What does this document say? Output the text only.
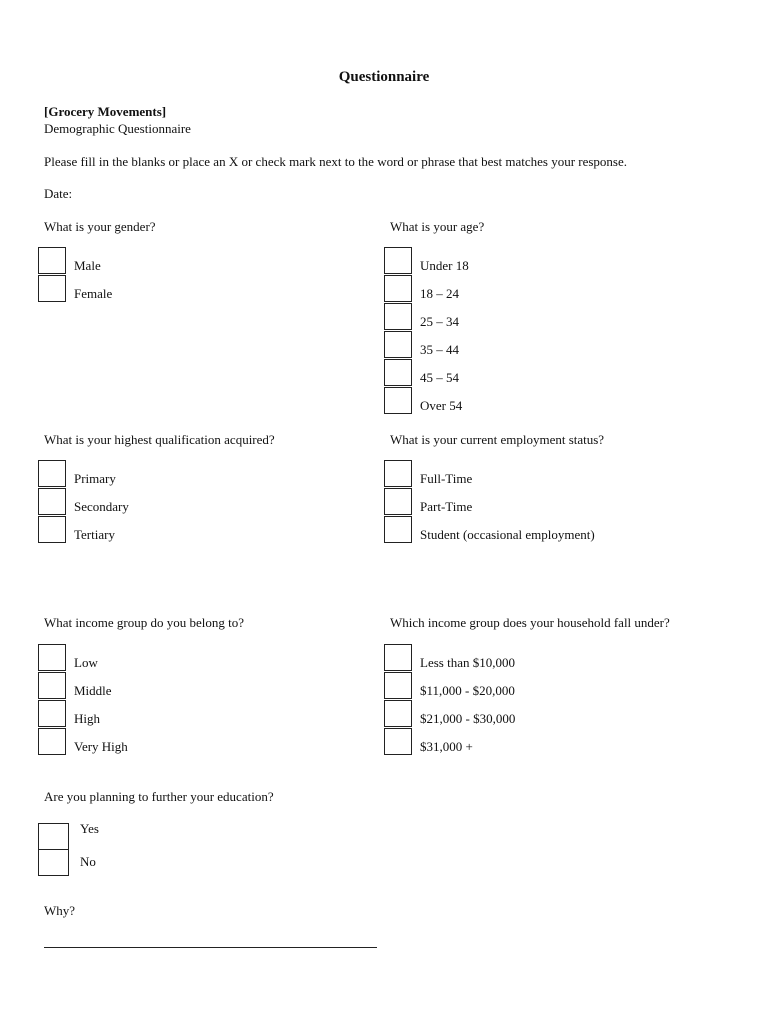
Questionnaire
[Grocery Movements]
Demographic Questionnaire
Please fill in the blanks or place an X or check mark next to the word or phrase that best matches your response.
Date:
What is your gender?
Male
Female
What is your age?
Under 18
18 – 24
25 – 34
35 – 44
45 – 54
Over 54
What is your highest qualification acquired?
Primary
Secondary
Tertiary
What is your current employment status?
Full-Time
Part-Time
Student (occasional employment)
What income group do you belong to?
Low
Middle
High
Very High
Which income group does your household fall under?
Less than $10,000
$11,000 - $20,000
$21,000 - $30,000
$31,000 +
Are you planning to further your education?
Yes
No
Why?
